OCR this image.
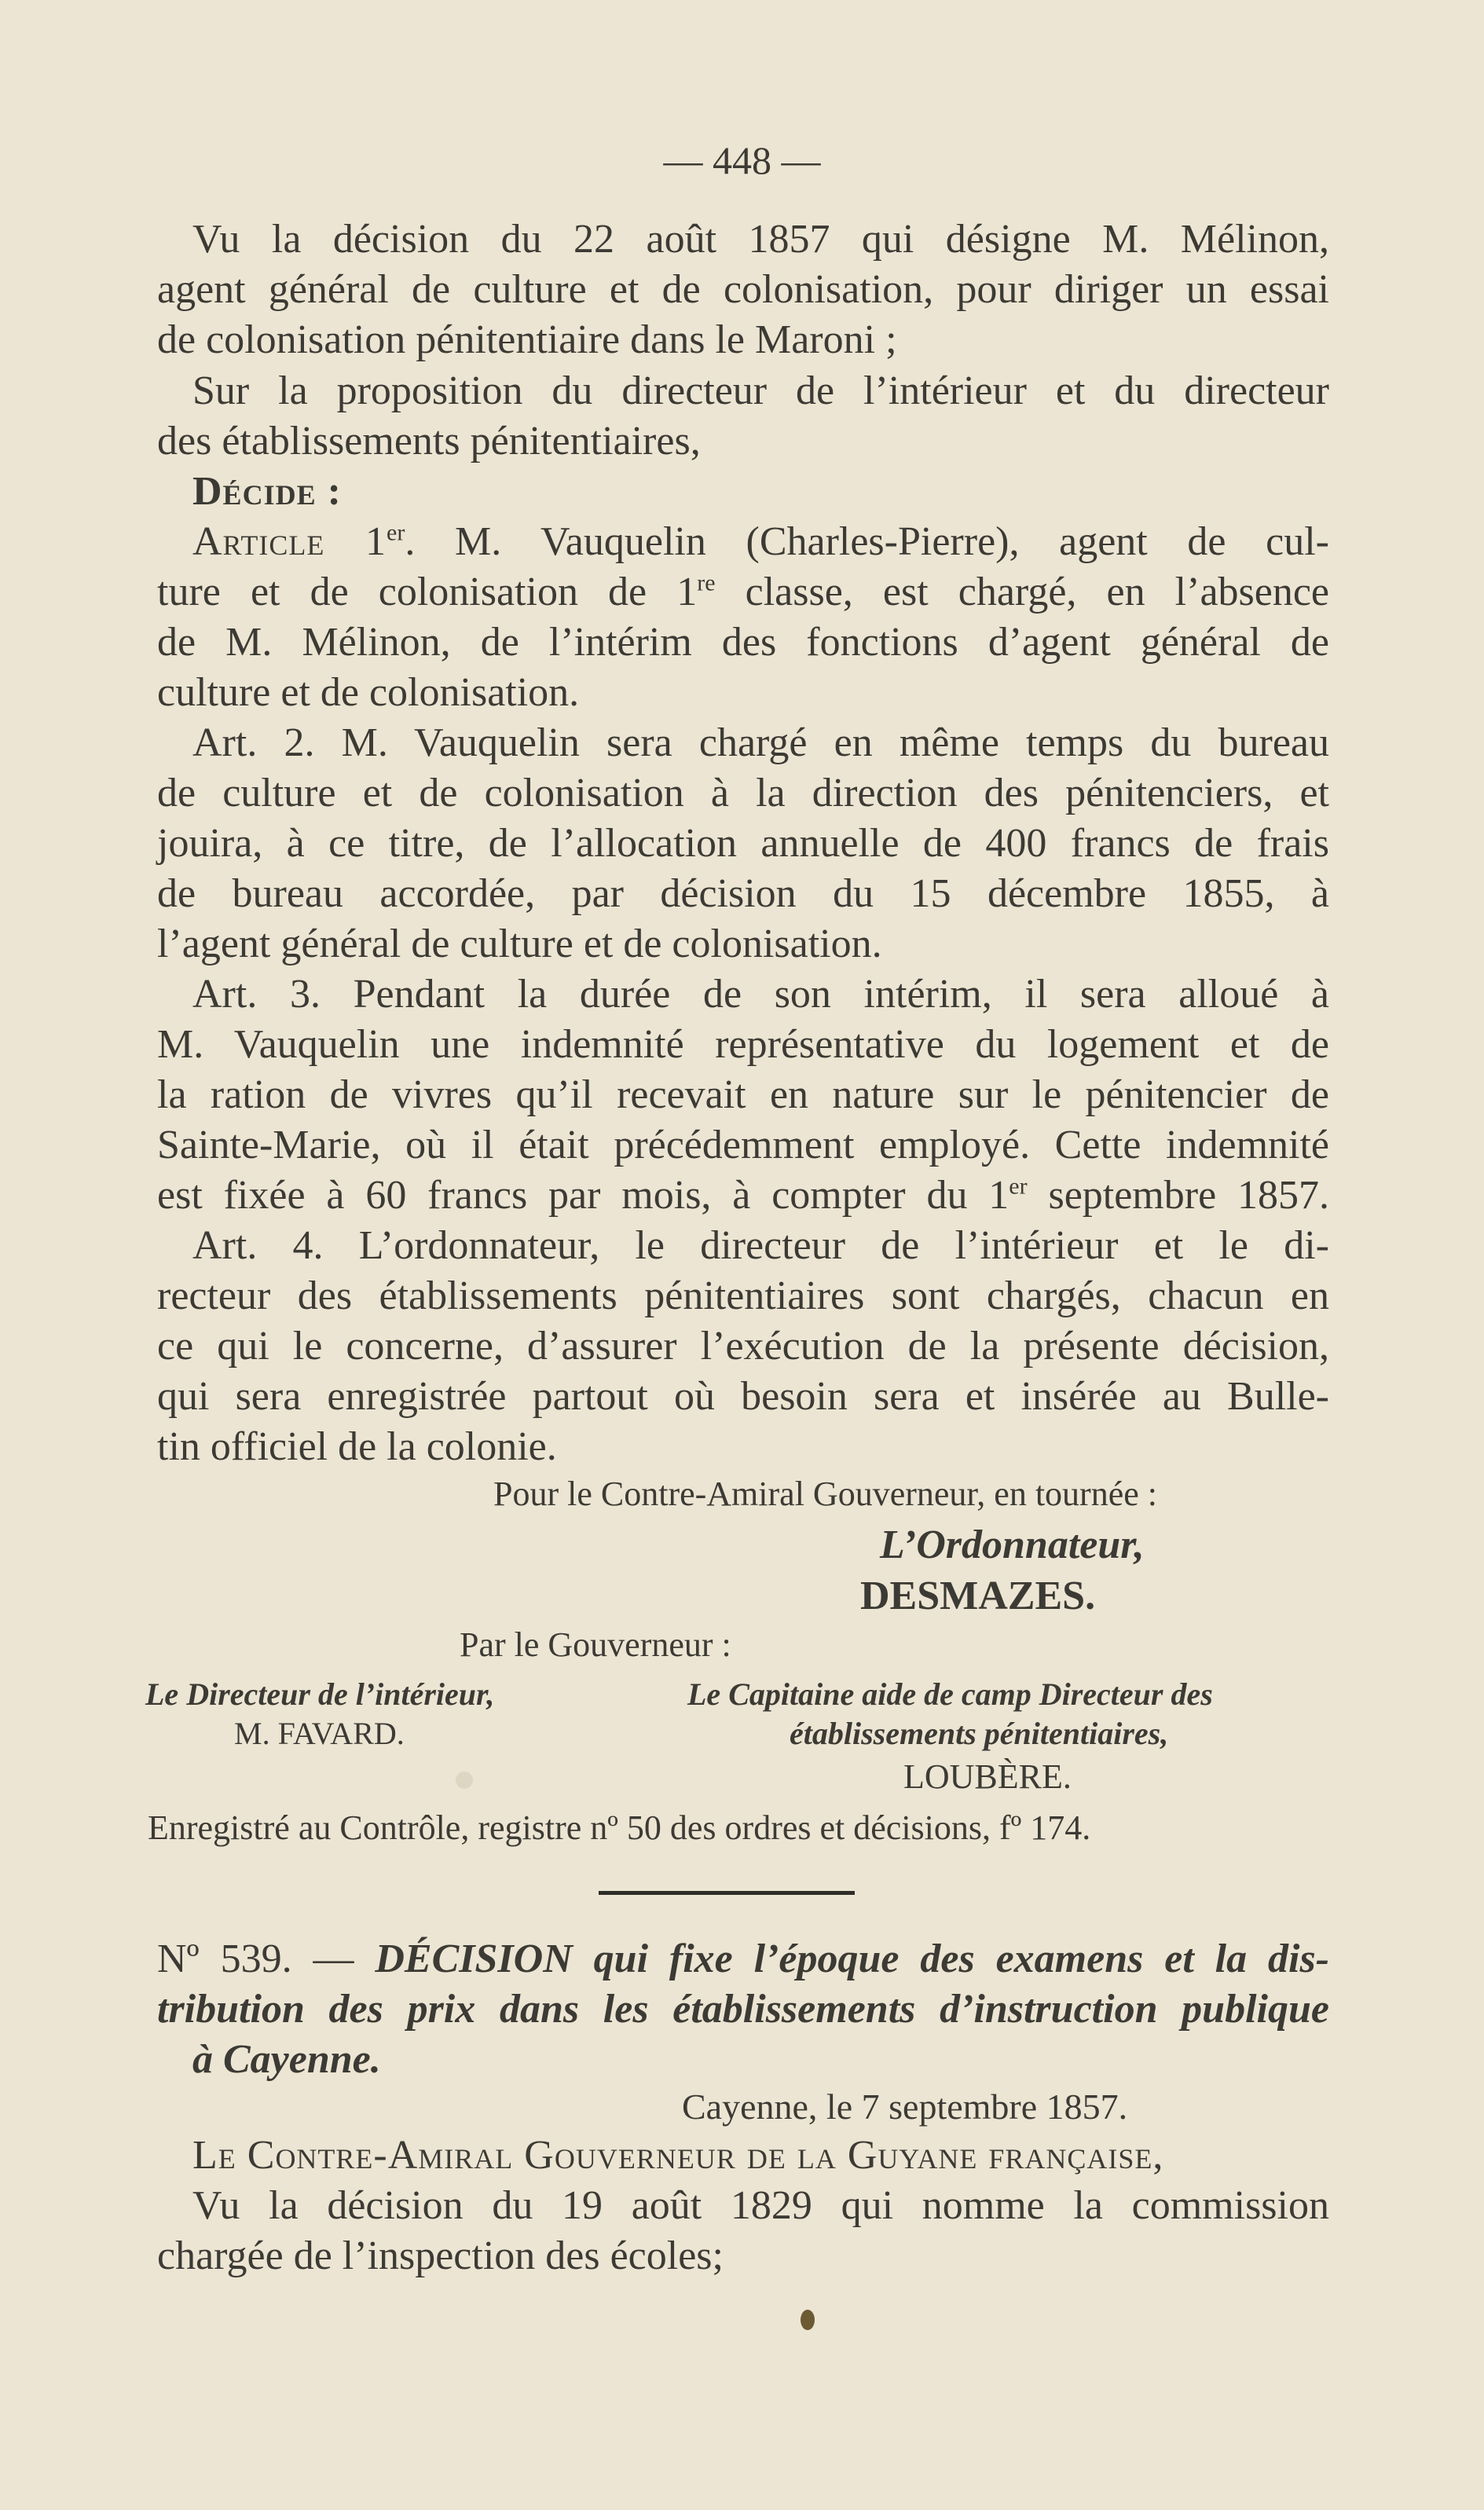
— 448 —
Vu la décision du 22 août 1857 qui désigne M. Mélinon,
agent général de culture et de colonisation, pour diriger un essai
de colonisation pénitentiaire dans le Maroni ;
Sur la proposition du directeur de l’intérieur et du directeur
des établissements pénitentiaires,
Décide :
Article 1er. M. Vauquelin (Charles-Pierre), agent de cul-
ture et de colonisation de 1re classe, est chargé, en l’absence
de M. Mélinon, de l’intérim des fonctions d’agent général de
culture et de colonisation.
Art. 2. M. Vauquelin sera chargé en même temps du bureau
de culture et de colonisation à la direction des pénitenciers, et
jouira, à ce titre, de l’allocation annuelle de 400 francs de frais
de bureau accordée, par décision du 15 décembre 1855, à
l’agent général de culture et de colonisation.
Art. 3. Pendant la durée de son intérim, il sera alloué à
M. Vauquelin une indemnité représentative du logement et de
la ration de vivres qu’il recevait en nature sur le pénitencier de
Sainte-Marie, où il était précédemment employé. Cette indemnité
est fixée à 60 francs par mois, à compter du 1er septembre 1857.
Art. 4. L’ordonnateur, le directeur de l’intérieur et le di-
recteur des établissements pénitentiaires sont chargés, chacun en
ce qui le concerne, d’assurer l’exécution de la présente décision,
qui sera enregistrée partout où besoin sera et insérée au Bulle-
tin officiel de la colonie.
Pour le Contre-Amiral Gouverneur, en tournée :
L’Ordonnateur,
DESMAZES.
Par le Gouverneur :
Le Directeur de l’intérieur,
M. FAVARD.
Le Capitaine aide de camp Directeur des
établissements pénitentiaires,
LOUBÈRE.
Enregistré au Contrôle, registre nº 50 des ordres et décisions, fº 174.
Nº 539. — DÉCISION qui fixe l’époque des examens et la dis-
tribution des prix dans les établissements d’instruction publique
à Cayenne.
Cayenne, le 7 septembre 1857.
Le Contre-Amiral Gouverneur de la Guyane française,
Vu la décision du 19 août 1829 qui nomme la commission
chargée de l’inspection des écoles;
